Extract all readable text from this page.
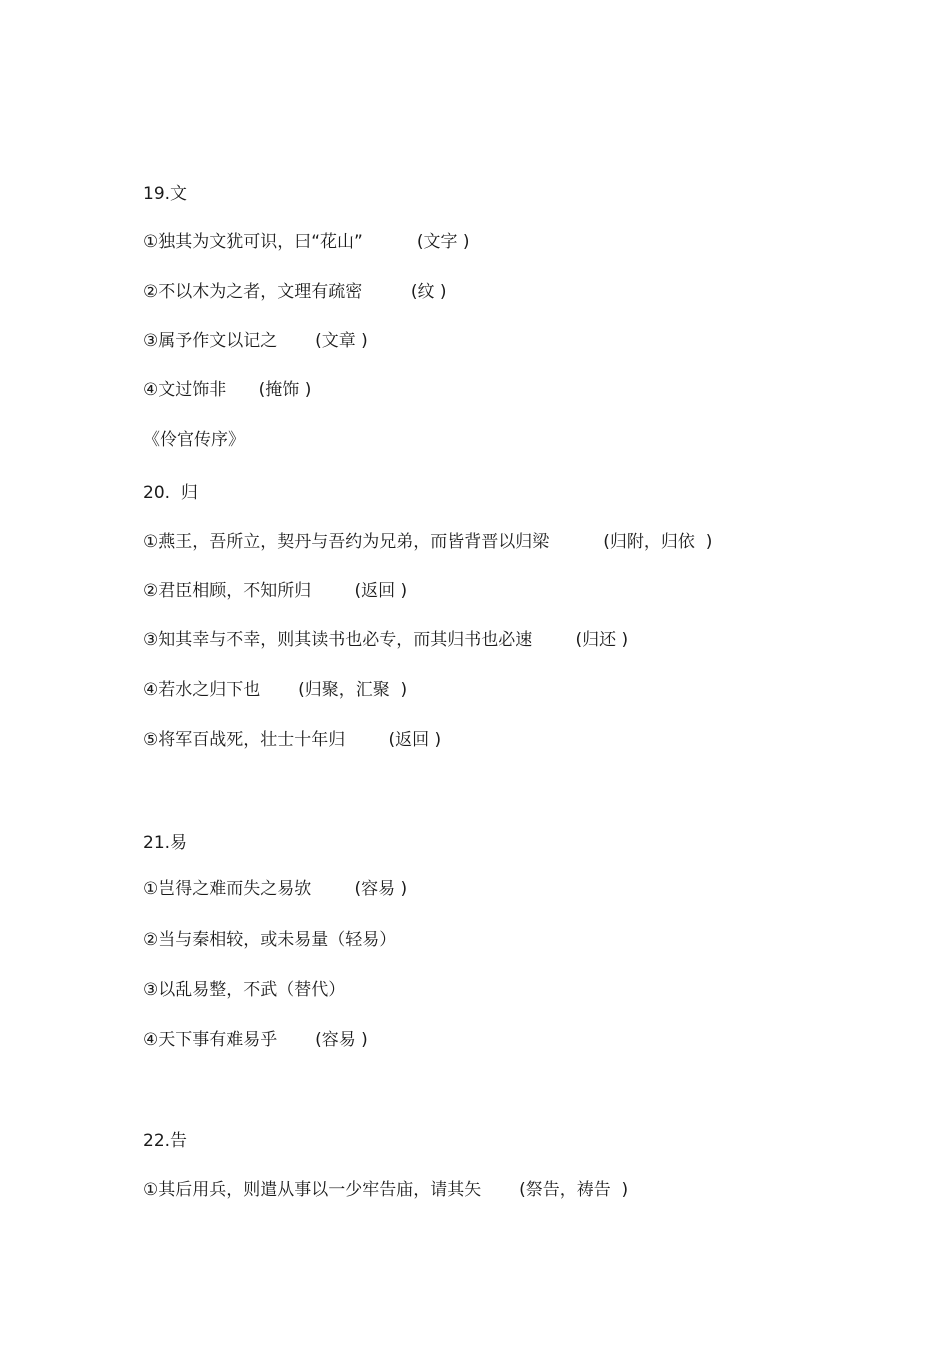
19.文
①独其为文犹可识，曰“花山”          (文字 )
②不以木为之者，文理有疏密         (纹 )
③属予作文以记之       (文章 )
④文过饰非      (掩饰 )
《伶官传序》
20.  归
①燕王，吾所立，契丹与吾约为兄弟，而皆背晋以归梁          (归附，归依  )
②君臣相顾，不知所归        (返回 )
③知其幸与不幸，则其读书也必专，而其归书也必速        (归还 )
④若水之归下也       (归聚，汇聚  )
⑤将军百战死，壮士十年归        (返回 )
21.易
①岂得之难而失之易欤        (容易 )
②当与秦相较，或未易量（轻易）
③以乱易整，不武（替代）
④天下事有难易乎       (容易 )
22.告
①其后用兵，则遣从事以一少牢告庙，请其矢       (祭告，祷告  )
